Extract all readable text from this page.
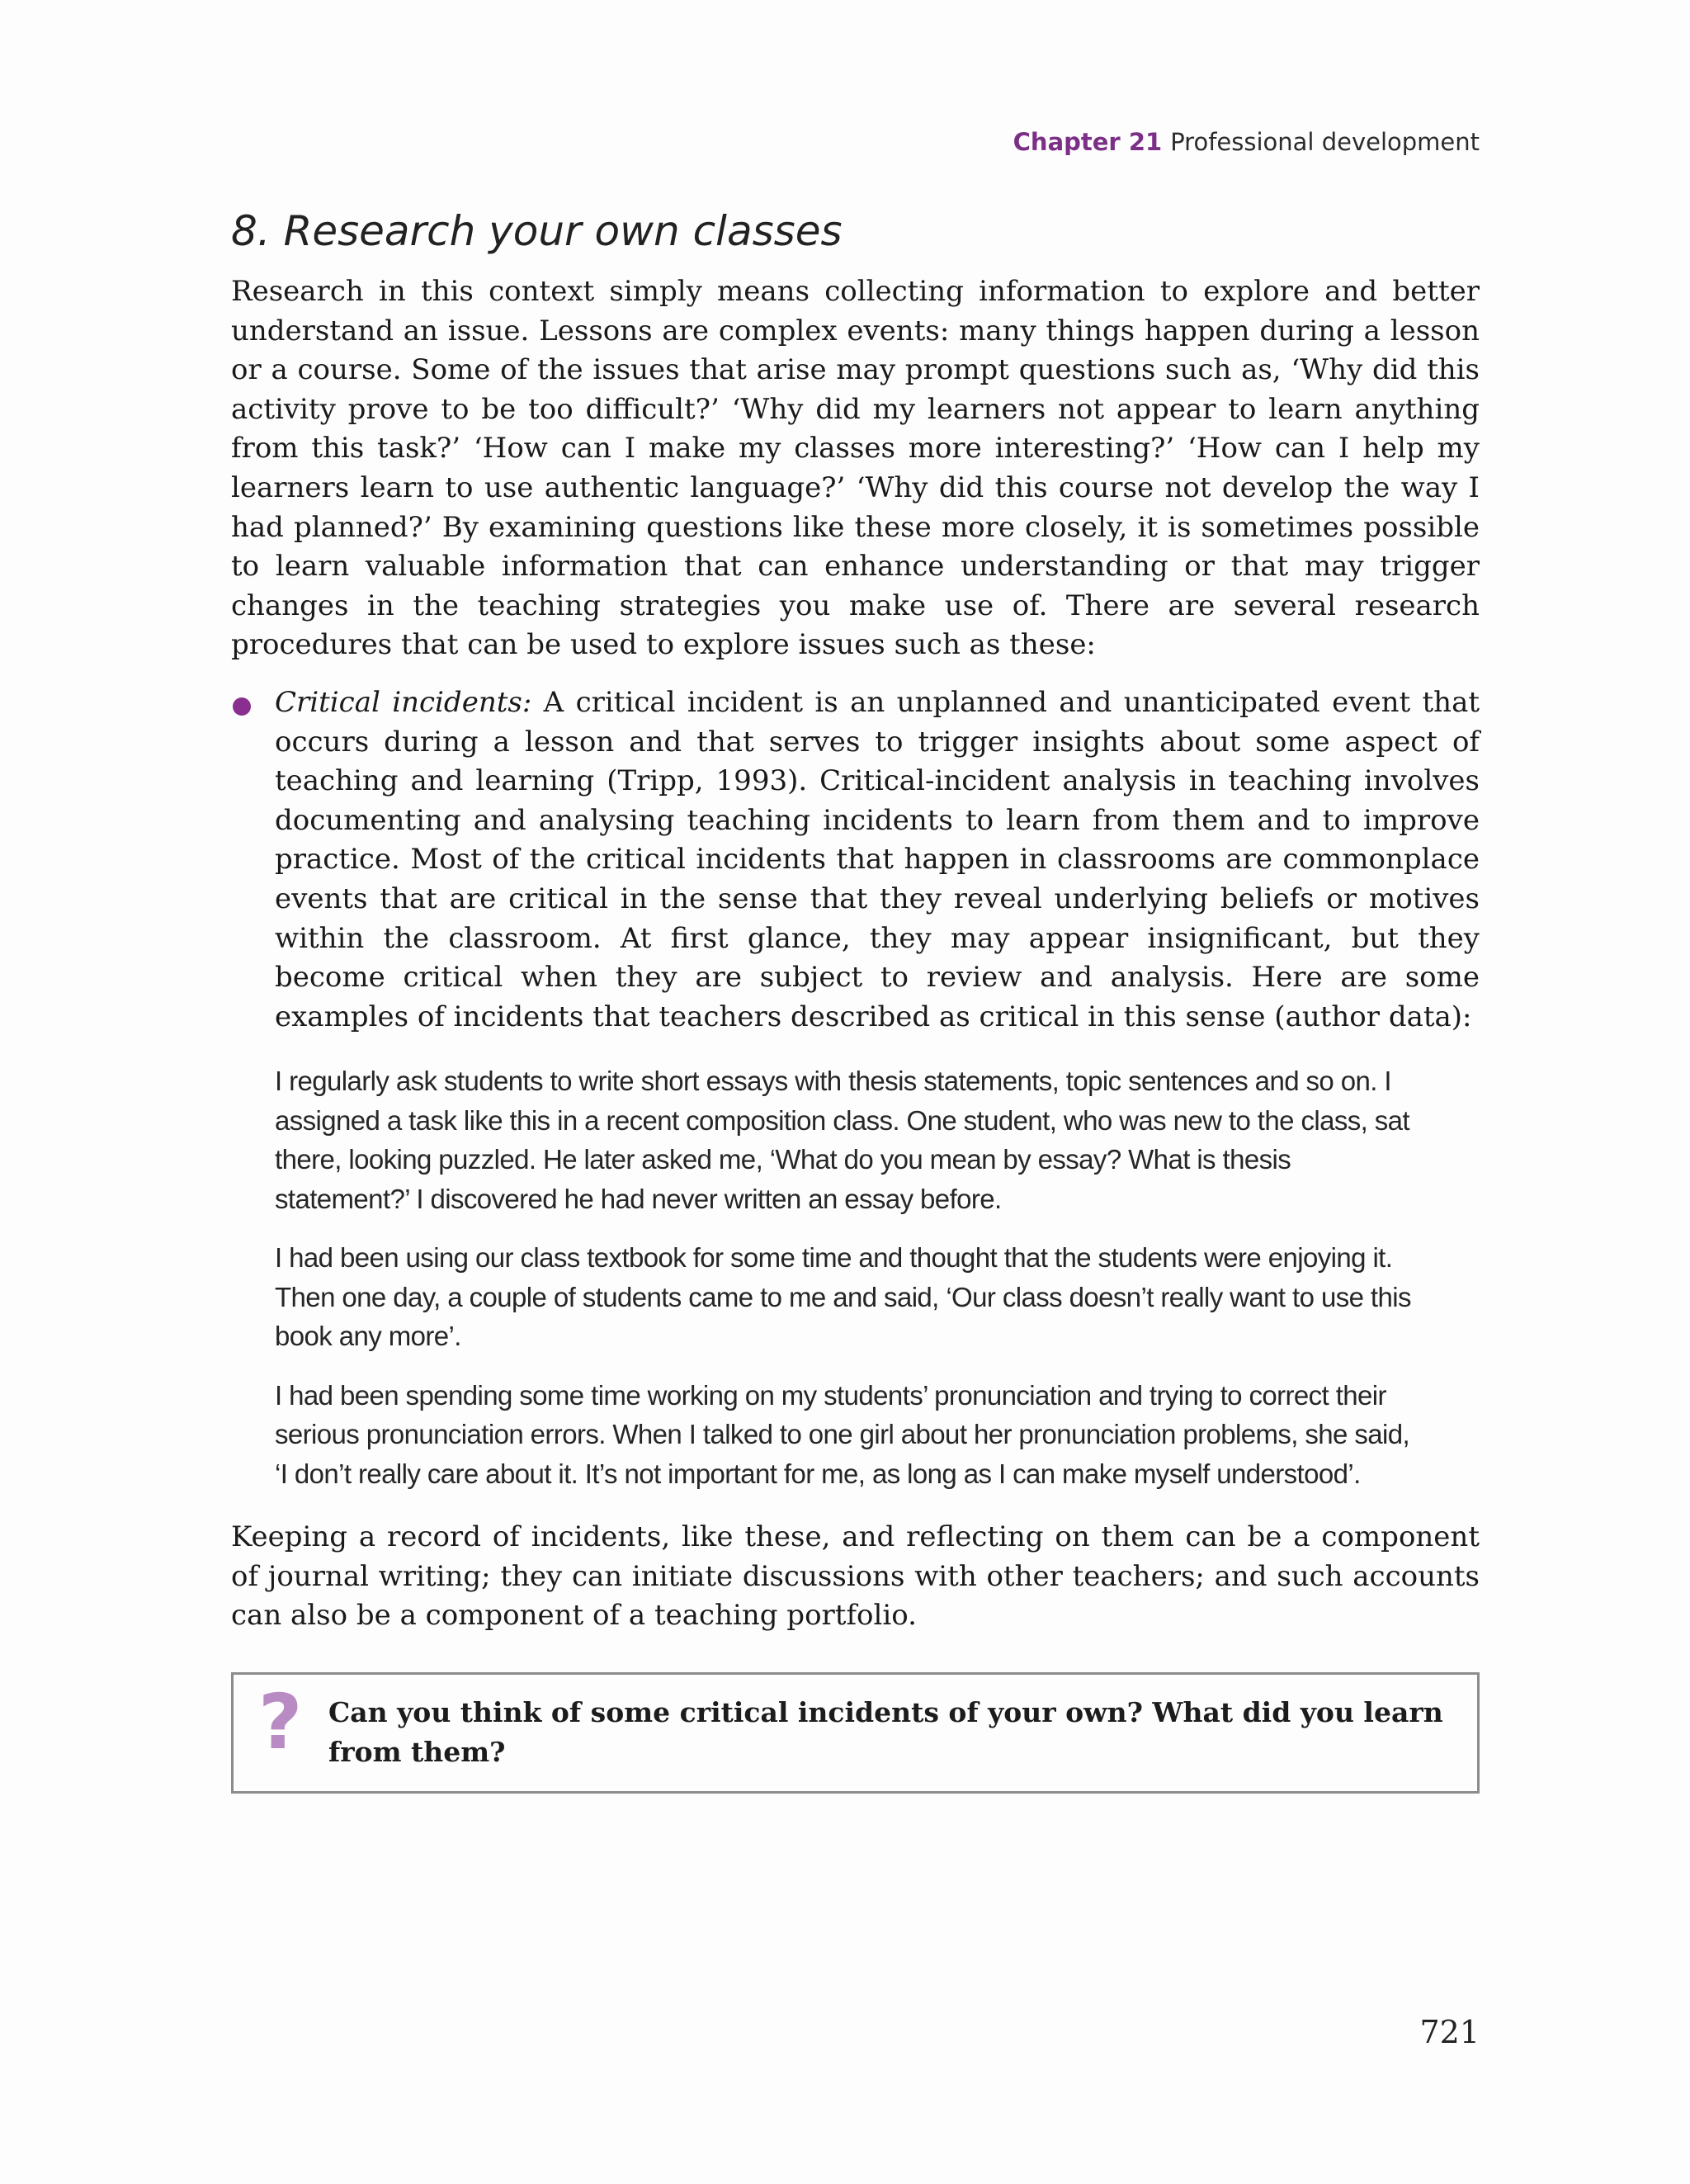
Chapter 21 Professional development
8. Research your own classes

Research in this context simply means collecting information to explore and better understand an issue. Lessons are complex events: many things happen during a lesson or a course. Some of the issues that arise may prompt questions such as, ‘Why did this activity prove to be too difficult?’ ‘Why did my learners not appear to learn anything from this task?’ ‘How can I make my classes more interesting?’ ‘How can I help my learners learn to use authentic language?’ ‘Why did this course not develop the way I had planned?’ By examining questions like these more closely, it is sometimes possible to learn valuable information that can enhance understanding or that may trigger changes in the teaching strategies you make use of. There are several research procedures that can be used to explore issues such as these:

Critical incidents: A critical incident is an unplanned and unanticipated event that occurs during a lesson and that serves to trigger insights about some aspect of teaching and learning (Tripp, 1993). Critical-incident analysis in teaching involves documenting and analysing teaching incidents to learn from them and to improve practice. Most of the critical incidents that happen in classrooms are commonplace events that are critical in the sense that they reveal underlying beliefs or motives within the classroom. At first glance, they may appear insignificant, but they become critical when they are subject to review and analysis. Here are some examples of incidents that teachers described as critical in this sense (author data):

I regularly ask students to write short essays with thesis statements, topic sentences and so on. I assigned a task like this in a recent composition class. One student, who was new to the class, sat there, looking puzzled. He later asked me, ‘What do you mean by essay? What is thesis statement?’ I discovered he had never written an essay before.

I had been using our class textbook for some time and thought that the students were enjoying it. Then one day, a couple of students came to me and said, ‘Our class doesn’t really want to use this book any more’.

I had been spending some time working on my students’ pronunciation and trying to correct their serious pronunciation errors. When I talked to one girl about her pronunciation problems, she said, ‘I don’t really care about it. It’s not important for me, as long as I can make myself understood’.

Keeping a record of incidents, like these, and reflecting on them can be a component of journal writing; they can initiate discussions with other teachers; and such accounts can also be a component of a teaching portfolio.

? Can you think of some critical incidents of your own? What did you learn from them?
721
